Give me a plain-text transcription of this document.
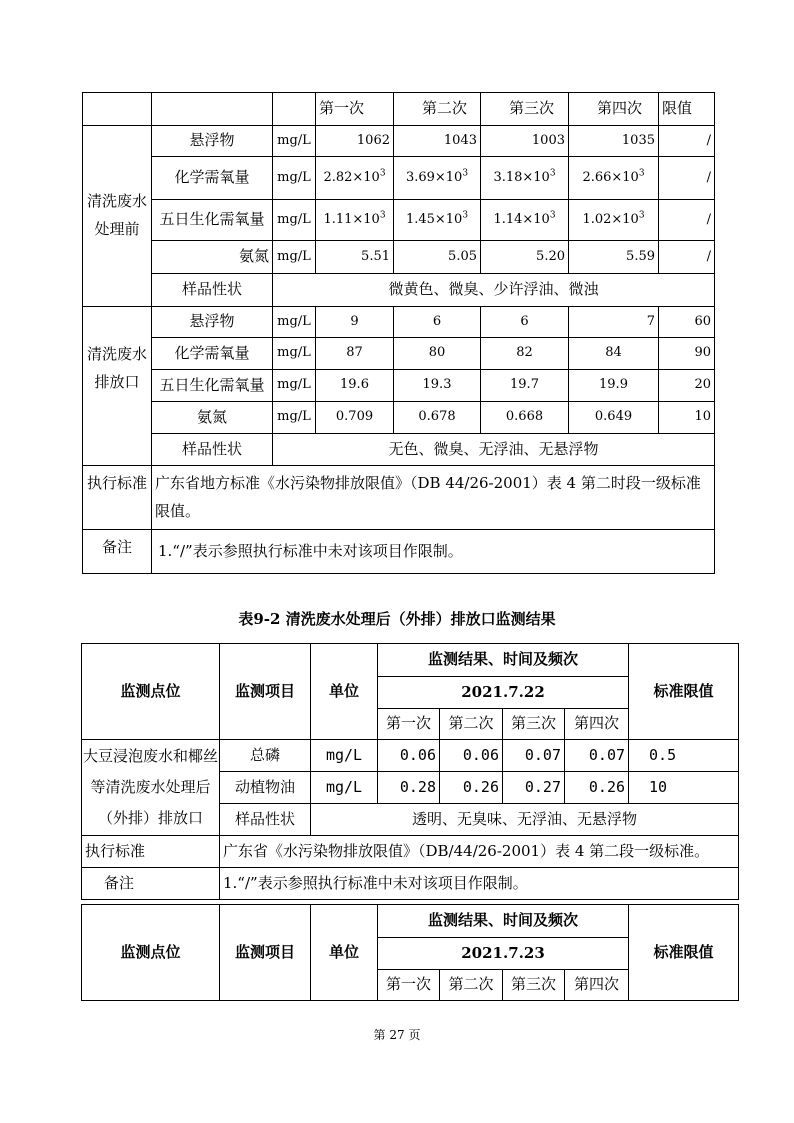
			第一次	第二次	第三次	第四次	限值
清洗废水
处理前	悬浮物	mg/L	1062	1043	1003	1035	/
	化学需氧量	mg/L	$2.82\times 10^3$	$3.69\times 10^3$	$3.18\times 10^3$	$2.66\times 10^3$	/
	五日生化需氧量	mg/L	$1.11\times 10^3$	$1.45\times 10^3$	$1.14\times 10^3$	$1.02\times 10^3$	/
	氨氮	mg/L	5.51	5.05	5.20	5.59	/
	样品性状	微黄色、微臭、少许浮油、微浊					
清洗废水
排放口	悬浮物	mg/L	9	6	6	7	60
	化学需氧量	mg/L	87	80	82	84	90
	五日生化需氧量	mg/L	19.6	19.3	19.7	19.9	20
	氨氮	mg/L	0.709	0.678	0.668	0.649	10
	样品性状	无色、微臭、无浮油、无悬浮物					
执行标准	广东省地方标准《水污染物排放限值》（DB 44/26-2001）表 4 第二时段一级标准限值。						
备注	1.“/”表示参照执行标准中未对该项目作限制。						
表9-2 清洗废水处理后（外排）排放口监测结果
监测点位	监测项目	单位	监测结果、时间及频次				标准限值
			2021.7.22				
			第一次	第二次	第三次	第四次	
大豆浸泡废水和椰丝
等清洗废水处理后
（外排）排放口	总磷	mg/L	0.06	0.06	0.07	0.07	0.5
	动植物油	mg/L	0.28	0.26	0.27	0.26	10
	样品性状	透明、无臭味、无浮油、无悬浮物					
执行标准	广东省《水污染物排放限值》（DB/44/26-2001）表 4 第二段一级标准。						
备注	1.“/”表示参照执行标准中未对该项目作限制。						
监测点位	监测项目	单位	监测结果、时间及频次				标准限值
			2021.7.23				
			第一次	第二次	第三次	第四次	
第 27 页
